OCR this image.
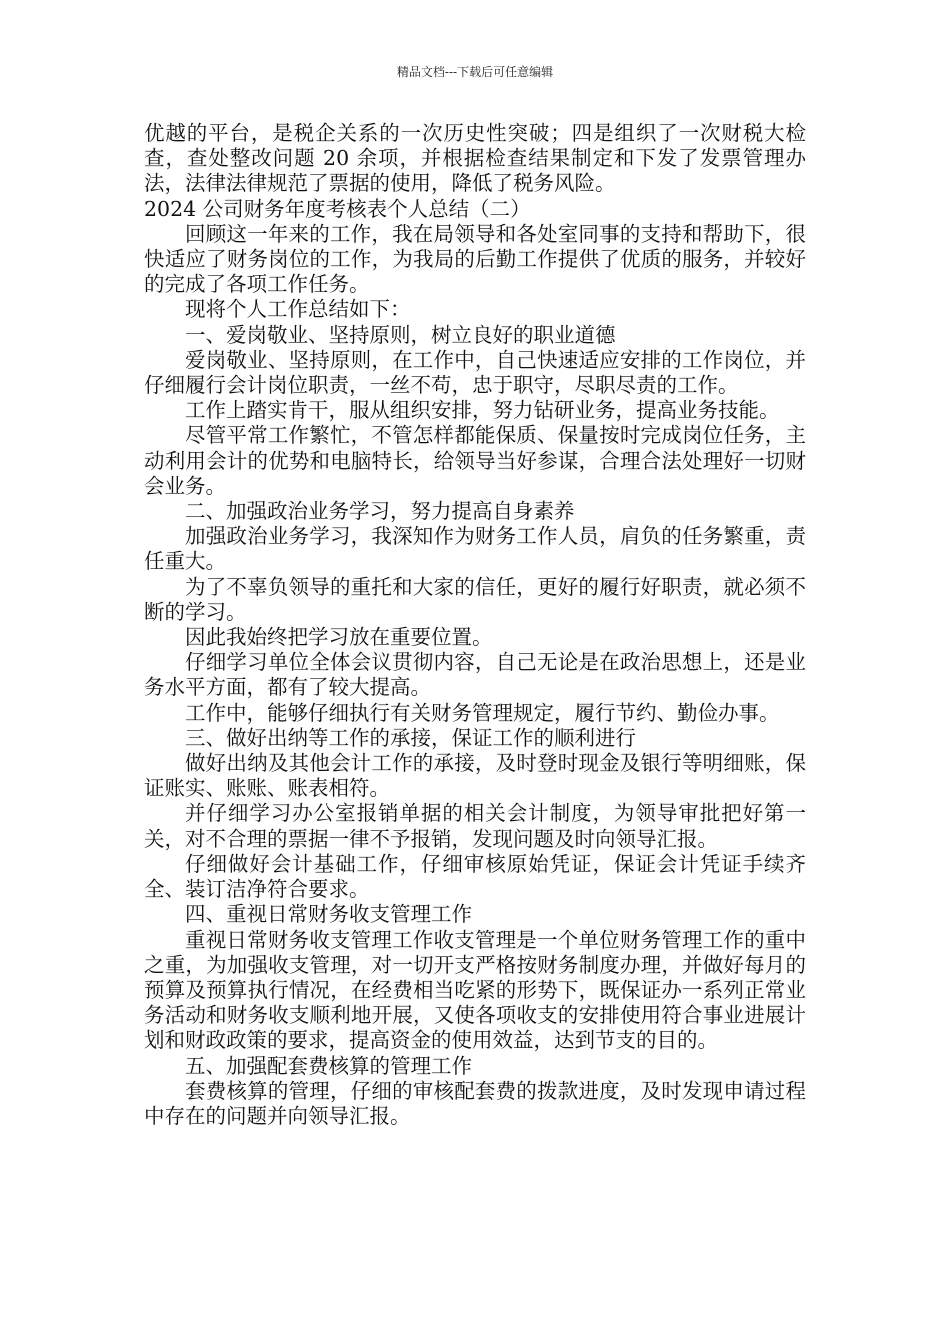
精品文档---下载后可任意编辑

优越的平台，是税企关系的一次历史性突破；四是组织了一次财税大检查，查处整改问题 20 余项，并根据检查结果制定和下发了发票管理办法，法律法律规范了票据的使用，降低了税务风险。

2024 公司财务年度考核表个人总结（二）

回顾这一年来的工作，我在局领导和各处室同事的支持和帮助下，很快适应了财务岗位的工作，为我局的后勤工作提供了优质的服务，并较好的完成了各项工作任务。

现将个人工作总结如下：

一、爱岗敬业、坚持原则，树立良好的职业道德

爱岗敬业、坚持原则，在工作中，自己快速适应安排的工作岗位，并仔细履行会计岗位职责，一丝不苟，忠于职守，尽职尽责的工作。

工作上踏实肯干，服从组织安排，努力钻研业务，提高业务技能。

尽管平常工作繁忙，不管怎样都能保质、保量按时完成岗位任务，主动利用会计的优势和电脑特长，给领导当好参谋，合理合法处理好一切财会业务。

二、加强政治业务学习，努力提高自身素养

加强政治业务学习，我深知作为财务工作人员，肩负的任务繁重，责任重大。

为了不辜负领导的重托和大家的信任，更好的履行好职责，就必须不断的学习。

因此我始终把学习放在重要位置。

仔细学习单位全体会议贯彻内容，自己无论是在政治思想上，还是业务水平方面，都有了较大提高。

工作中，能够仔细执行有关财务管理规定，履行节约、勤俭办事。

三、做好出纳等工作的承接，保证工作的顺利进行

做好出纳及其他会计工作的承接，及时登时现金及银行等明细账，保证账实、账账、账表相符。

并仔细学习办公室报销单据的相关会计制度，为领导审批把好第一关，对不合理的票据一律不予报销，发现问题及时向领导汇报。

仔细做好会计基础工作，仔细审核原始凭证，保证会计凭证手续齐全、装订洁净符合要求。

四、重视日常财务收支管理工作

重视日常财务收支管理工作收支管理是一个单位财务管理工作的重中之重，为加强收支管理，对一切开支严格按财务制度办理，并做好每月的预算及预算执行情况，在经费相当吃紧的形势下，既保证办一系列正常业务活动和财务收支顺利地开展，又使各项收支的安排使用符合事业进展计划和财政政策的要求，提高资金的使用效益，达到节支的目的。

五、加强配套费核算的管理工作

套费核算的管理，仔细的审核配套费的拨款进度，及时发现申请过程中存在的问题并向领导汇报。
